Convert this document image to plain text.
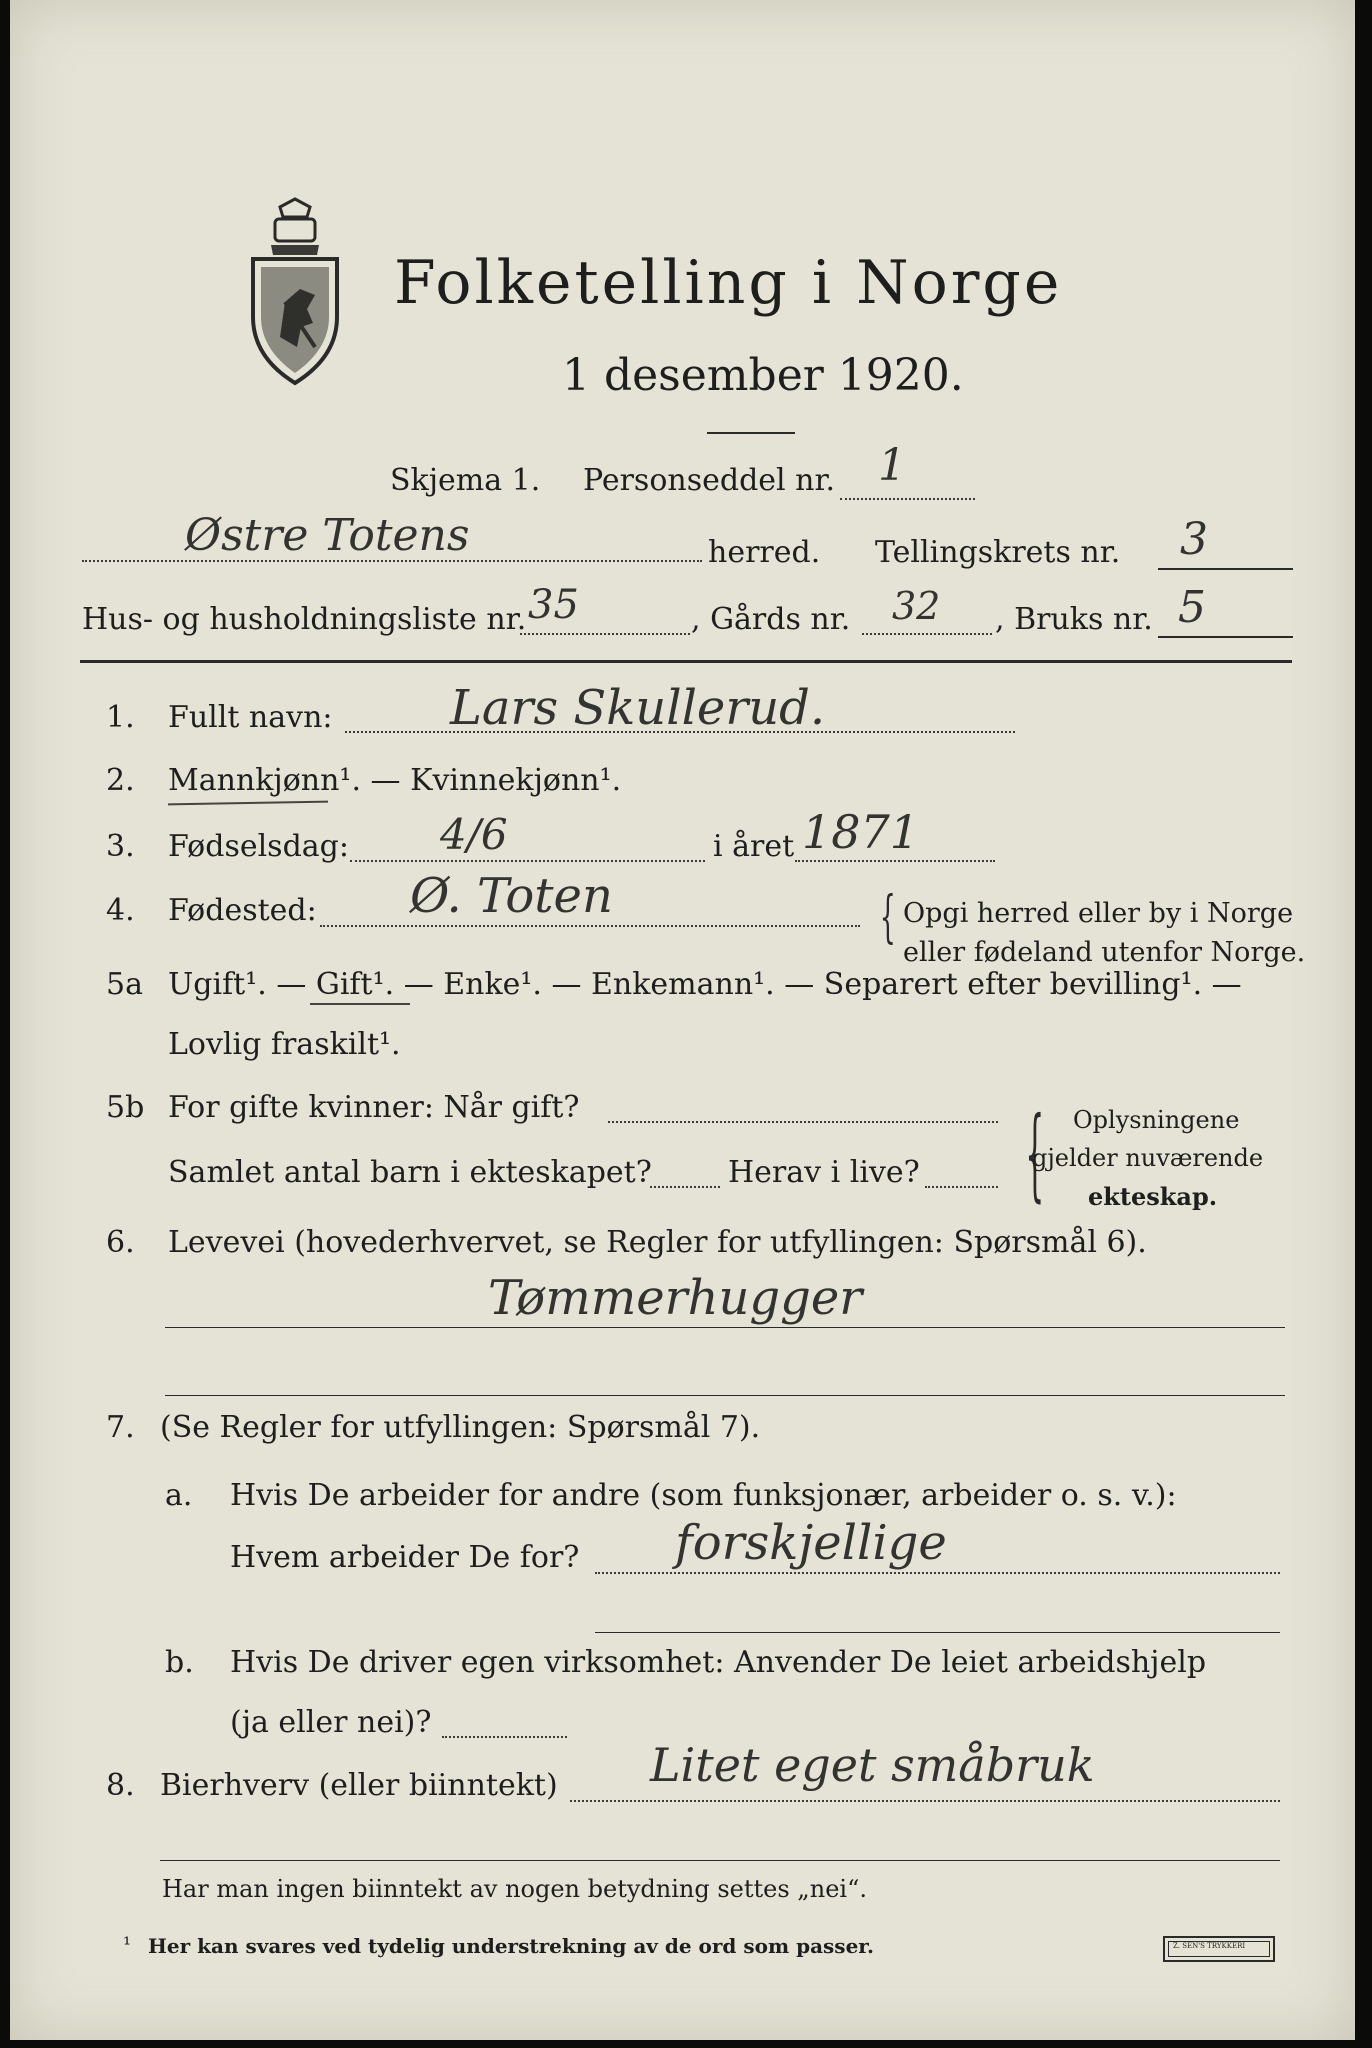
Folketelling i Norge
1 desember 1920.
Skjema 1. Personseddel nr. 1
Østre Totens	herred. Tellingskrets nr. 3
Hus- og husholdningsliste nr. 35	, Gårds nr. 32 , Bruks nr. 5
1. Fullt navn: Lars Skullerud.
2. Mannkjønn¹. — Kvinnekjønn¹.
3. Fødselsdag: 4/6	i året 1871
4. Fødested: Ø. Toten	{ Opgi herred eller by i Norge
eller fødeland utenfor Norge.
5a Ugift¹. — Gift¹. — Enke¹. — Enkemann¹. — Separert efter bevilling¹. —
Lovlig fraskilt¹.
5b For gifte kvinner: Når gift?
Samlet antal barn i ekteskapet?	Herav i live? { Oplysningene
gjelder nuværende
ekteskap.
6. Levevei (hovederhvervet, se Regler for utfyllingen: Spørsmål 6).
Tømmerhugger
7. (Se Regler for utfyllingen: Spørsmål 7).
a. Hvis De arbeider for andre (som funksjonær, arbeider o. s. v.):
Hvem arbeider De for? forskjellige
b. Hvis De driver egen virksomhet: Anvender De leiet arbeidshjelp
(ja eller nei)?
8. Bierhverv (eller biinntekt) Litet eget småbruk
Har man ingen biinntekt av nogen betydning settes „nei“.
¹ Her kan svares ved tydelig understrekning av de ord som passer.	Z. SEN'S TRYKKERI
